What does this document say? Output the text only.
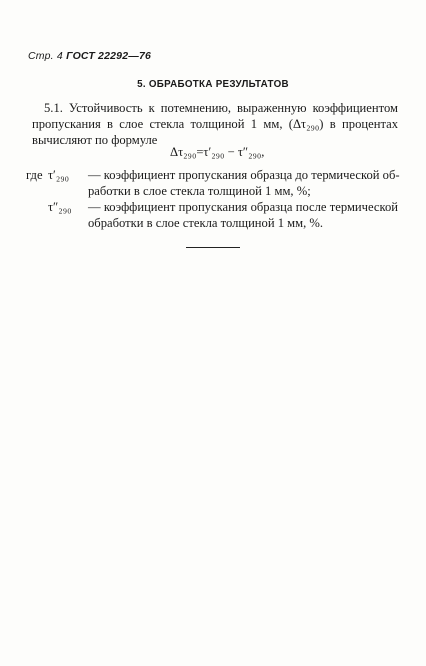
Стр. 4 ГОСТ 22292—76
5. ОБРАБОТКА РЕЗУЛЬТАТОВ
5.1. Устойчивость к потемнению, выраженную коэффициентом
пропускания в слое стекла толщиной 1 мм, (Δτ₂₉₀) в процентах
вычисляют по формуле
Δτ₂₉₀=τ′₂₉₀ − τ″₂₉₀,
где τ′₂₉₀ — коэффициент пропускания образца до термической об-
работки в слое стекла толщиной 1 мм, %;
τ″₂₉₀ — коэффициент пропускания образца после термической
обработки в слое стекла толщиной 1 мм, %.
